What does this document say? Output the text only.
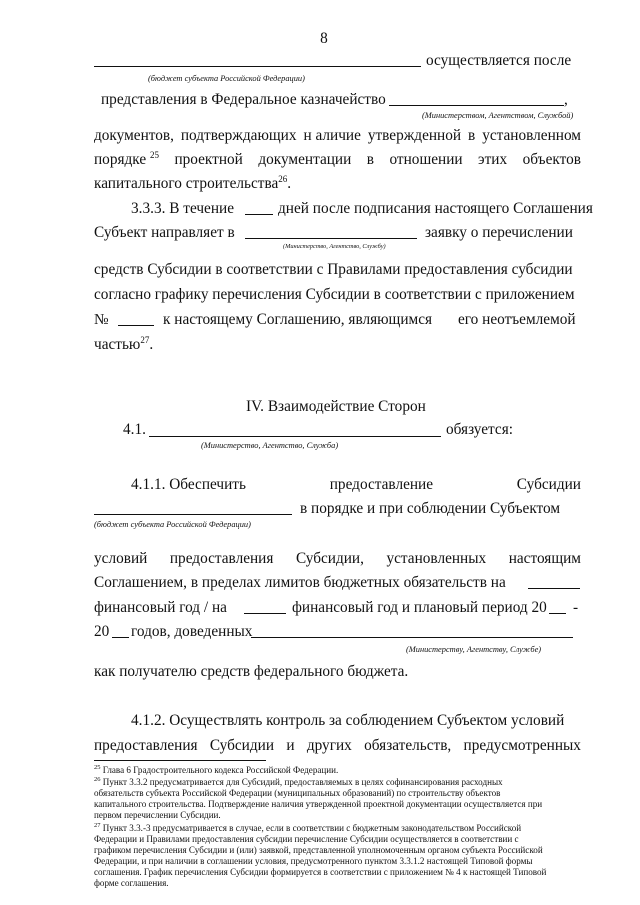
8
осуществляется после
(бюджет субъекта Российской Федерации)
представления в Федеральное казначейство	,
(Министерством, Агентством, Службой)
документов, подтверждающих н аличие утвержденной в установленном
порядке $^{25}$ проектной документации в отношении этих объектов
капитального строительства$^{26}$.
3.3.3. В течение	дней после подписания настоящего Соглашения
Субъект направляет в	заявку о перечислении
(Министерство, Агентство, Службу)
средств Субсидии в соответствии с Правилами предоставления субсидии
согласно графику перечисления Субсидии в соответствии с приложением
№	к настоящему Соглашению, являющимся его неотъемлемой
частью$^{27}$.
IV. Взаимодействие Сторон
4.1.	обязуется:
(Министерство, Агентство, Служба)
4.1.1. Обеспечить	предоставление	Субсидии
в порядке и при соблюдении Субъектом
(бюджет субъекта Российской Федерации)
условий предоставления Субсидии, установленных настоящим
Соглашением, в пределах лимитов бюджетных обязательств на
финансовый год / на	финансовый год и плановый период 20 -
20 годов, доведенных
(Министерству, Агентству, Службе)
как получателю средств федерального бюджета.
4.1.2. Осуществлять контроль за соблюдением Субъектом условий
предоставления Субсидии и других обязательств, предусмотренных
$^{25}$ Глава 6 Градостроительного кодекса Российской Федерации.
$^{26}$ Пункт 3.3.2 предусматривается для Субсидий, предоставляемых в целях софинансирования расходных
обязательств субъекта Российской Федерации (муниципальных образований) по строительству объектов
капитального строительства. Подтверждение наличия утвержденной проектной документации осуществляется при
первом перечислении Субсидии.
$^{27}$ Пункт 3.3.-3 предусматривается в случае, если в соответствии с бюджетным законодательством Российской
Федерации и Правилами предоставления субсидии перечисление Субсидии осуществляется в соответствии с
графиком перечисления Субсидии и (или) заявкой, представленной уполномоченным органом субъекта Российской
Федерации, и при наличии в соглашении условия, предусмотренного пунктом 3.3.1.2 настоящей Типовой формы
соглашения. График перечисления Субсидии формируется в соответствии с приложением № 4 к настоящей Типовой
форме соглашения.
